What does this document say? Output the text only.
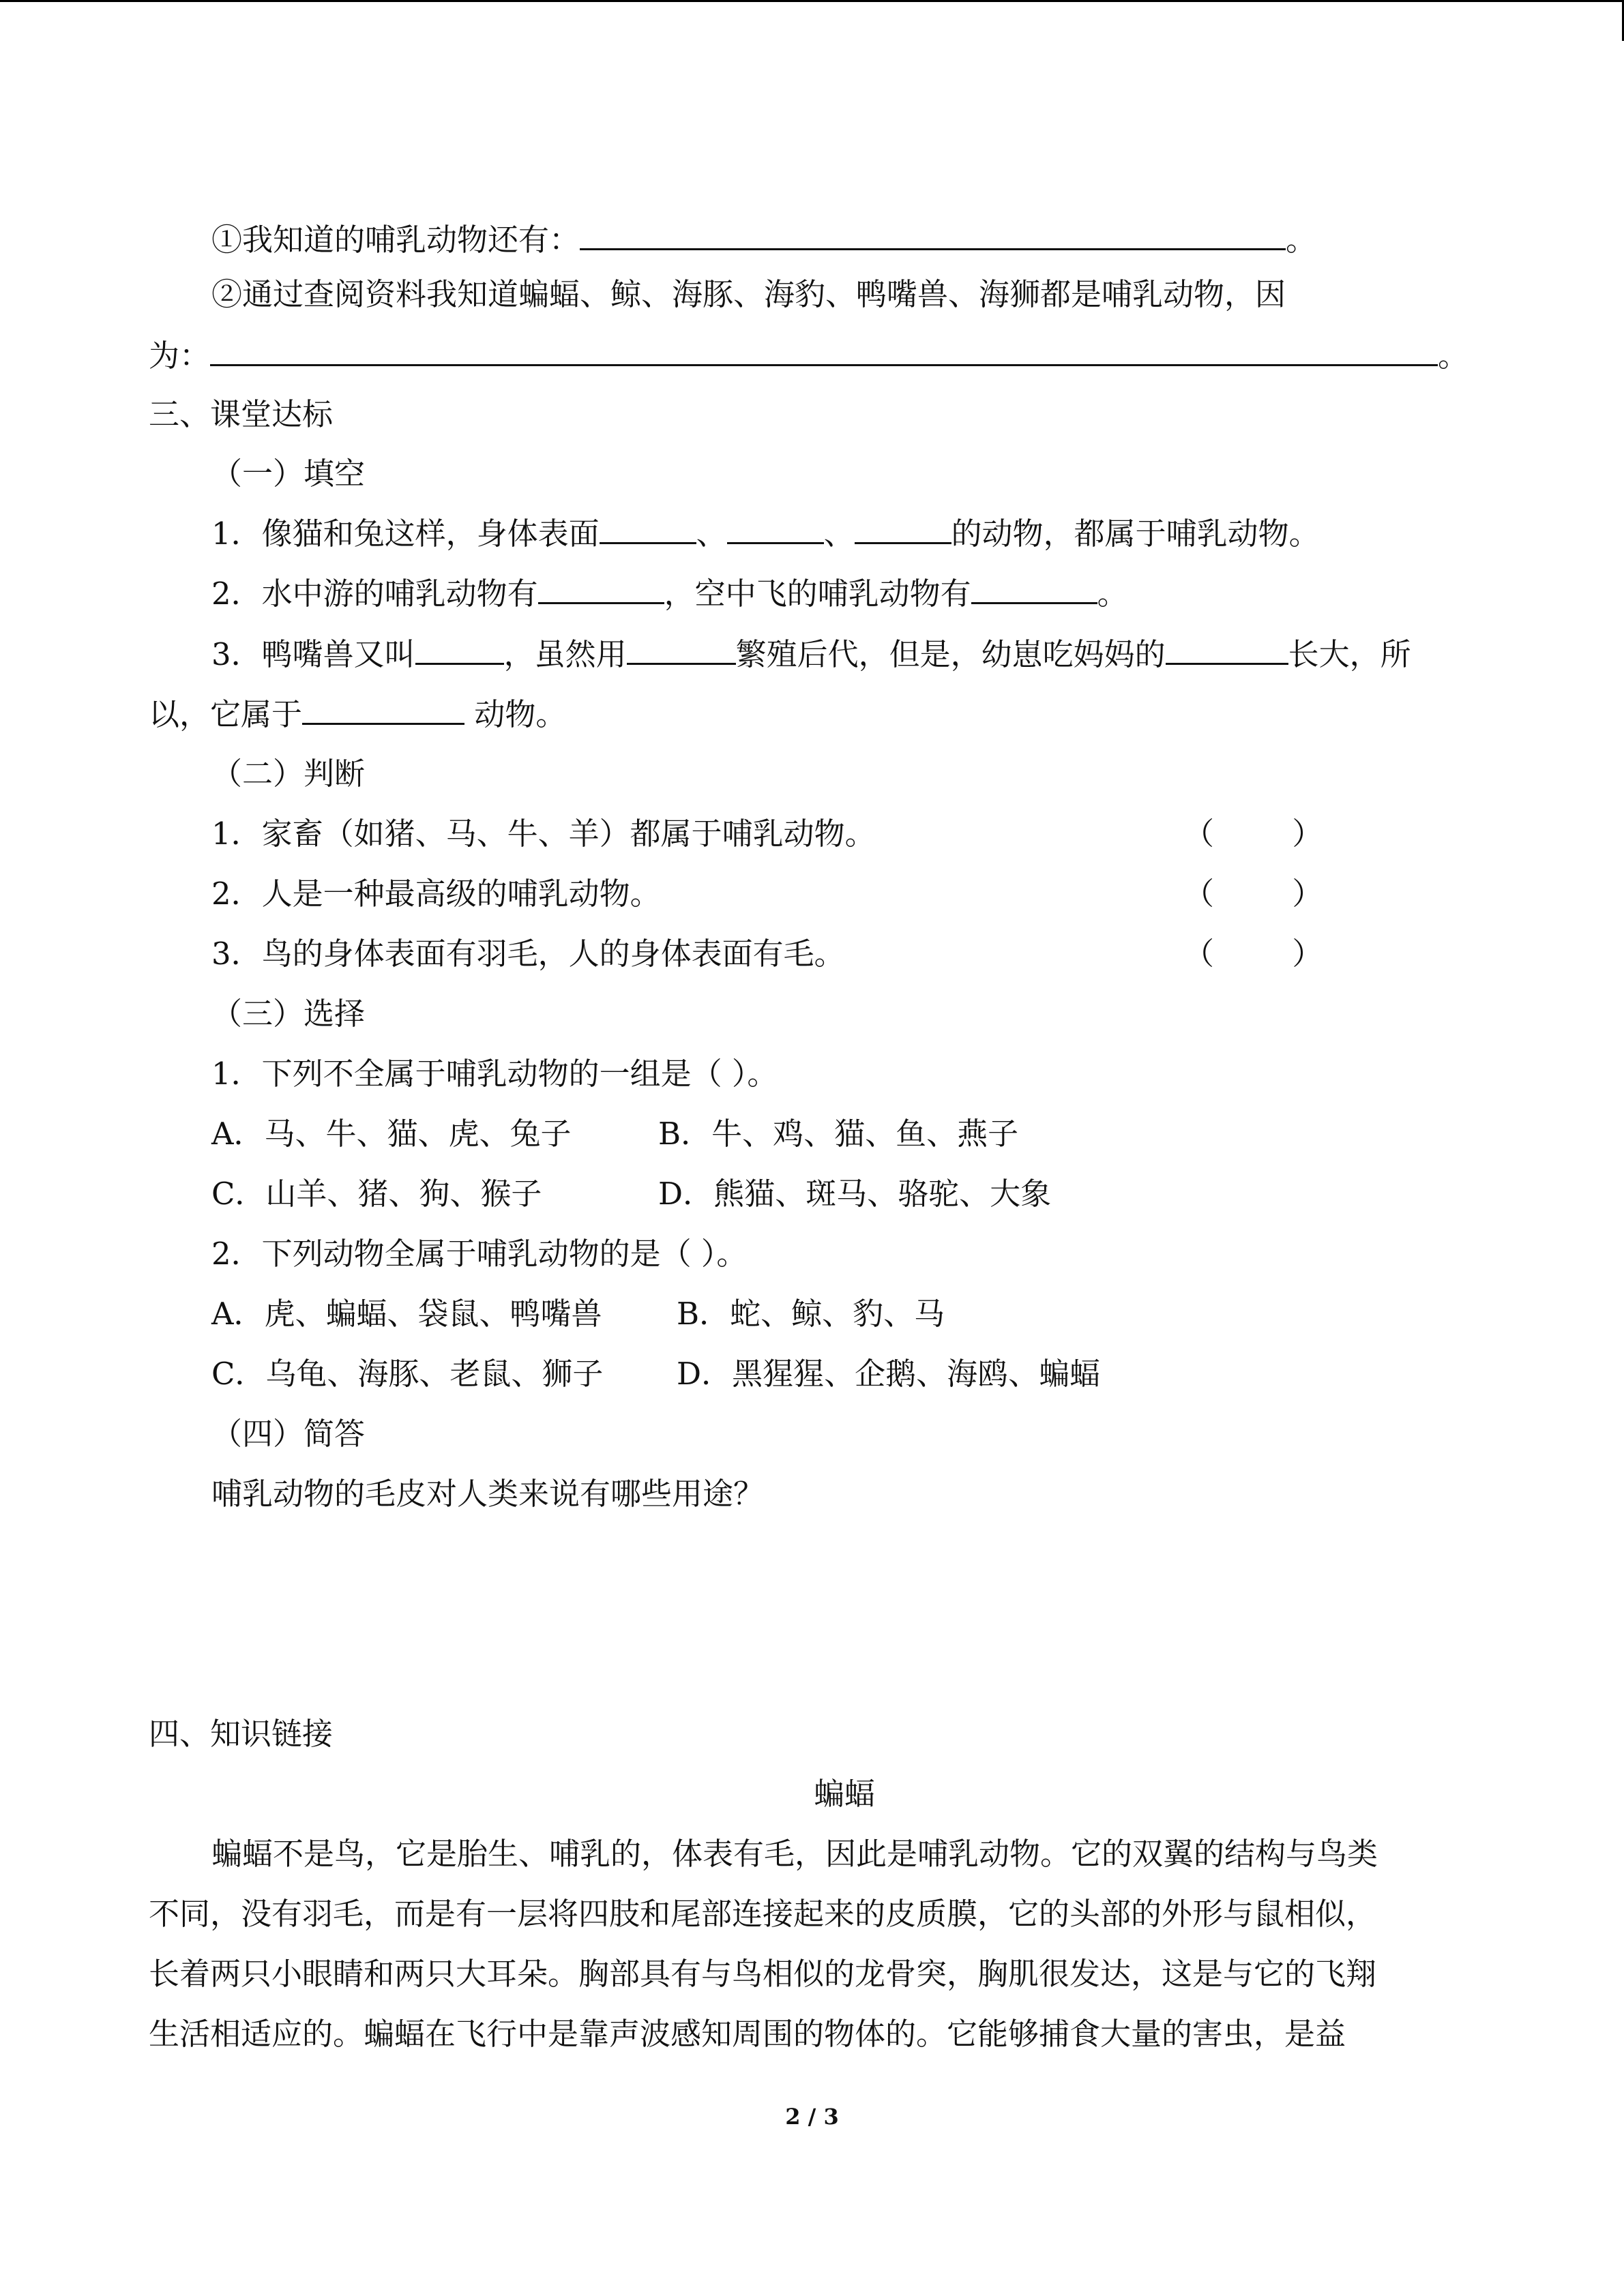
①我知道的哺乳动物还有：	。
②通过查阅资料我知道蝙蝠、鲸、海豚、海豹、鸭嘴兽、海狮都是哺乳动物，因
为：	。
三、课堂达标
（一）填空
1．像猫和兔这样，身体表面	、	、	的动物，都属于哺乳动物。
2．水中游的哺乳动物有	，空中飞的哺乳动物有	。
3．鸭嘴兽又叫	，虽然用	繁殖后代，但是，幼崽吃妈妈的	长大，所
以，它属于	动物。
（二）判断
1．家畜（如猪、马、牛、羊）都属于哺乳动物。	（        ）
2．人是一种最高级的哺乳动物。	（        ）
3．鸟的身体表面有羽毛，人的身体表面有毛。	（        ）
（三）选择
1．下列不全属于哺乳动物的一组是（ ）。
A．马、牛、猫、虎、兔子	B．牛、鸡、猫、鱼、燕子
C．山羊、猪、狗、猴子	D．熊猫、斑马、骆驼、大象
2．下列动物全属于哺乳动物的是（ ）。
A．虎、蝙蝠、袋鼠、鸭嘴兽 B．蛇、鲸、豹、马
C．乌龟、海豚、老鼠、狮子 D．黑猩猩、企鹅、海鸥、蝙蝠
（四）简答
哺乳动物的毛皮对人类来说有哪些用途？
四、知识链接
蝙蝠
蝙蝠不是鸟，它是胎生、哺乳的，体表有毛，因此是哺乳动物。它的双翼的结构与鸟类
不同，没有羽毛，而是有一层将四肢和尾部连接起来的皮质膜，它的头部的外形与鼠相似，
长着两只小眼睛和两只大耳朵。胸部具有与鸟相似的龙骨突，胸肌很发达，这是与它的飞翔
生活相适应的。蝙蝠在飞行中是靠声波感知周围的物体的。它能够捕食大量的害虫，是益
2 / 3
